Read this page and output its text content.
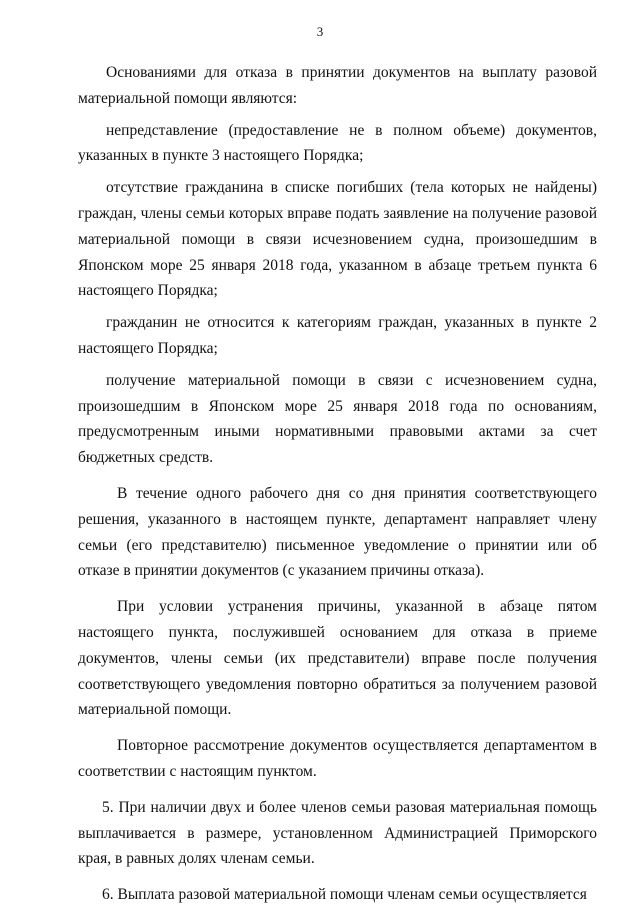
3

Основаниями для отказа в принятии документов на выплату разовой материальной помощи являются:

непредставление (предоставление не в полном объеме) документов, указанных в пункте 3 настоящего Порядка;

отсутствие гражданина в списке погибших (тела которых не найдены) граждан, члены семьи которых вправе подать заявление на получение разовой материальной помощи в связи исчезновением судна, произошедшим в Японском море 25 января 2018 года, указанном в абзаце третьем пункта 6 настоящего Порядка;

гражданин не относится к категориям граждан, указанных в пункте 2 настоящего Порядка;

получение материальной помощи в связи с исчезновением судна, произошедшим в Японском море 25 января 2018 года по основаниям, предусмотренным иными нормативными правовыми актами за счет бюджетных средств.

В течение одного рабочего дня со дня принятия соответствующего решения, указанного в настоящем пункте, департамент направляет члену семьи (его представителю) письменное уведомление о принятии или об отказе в принятии документов (с указанием причины отказа).

При условии устранения причины, указанной в абзаце пятом настоящего пункта, послужившей основанием для отказа в приеме документов, члены семьи (их представители) вправе после получения соответствующего уведомления повторно обратиться за получением разовой материальной помощи.

Повторное рассмотрение документов осуществляется департаментом в соответствии с настоящим пунктом.

5. При наличии двух и более членов семьи разовая материальная помощь выплачивается в размере, установленном Администрацией Приморского края, в равных долях членам семьи.

6. Выплата разовой материальной помощи членам семьи осуществляется
